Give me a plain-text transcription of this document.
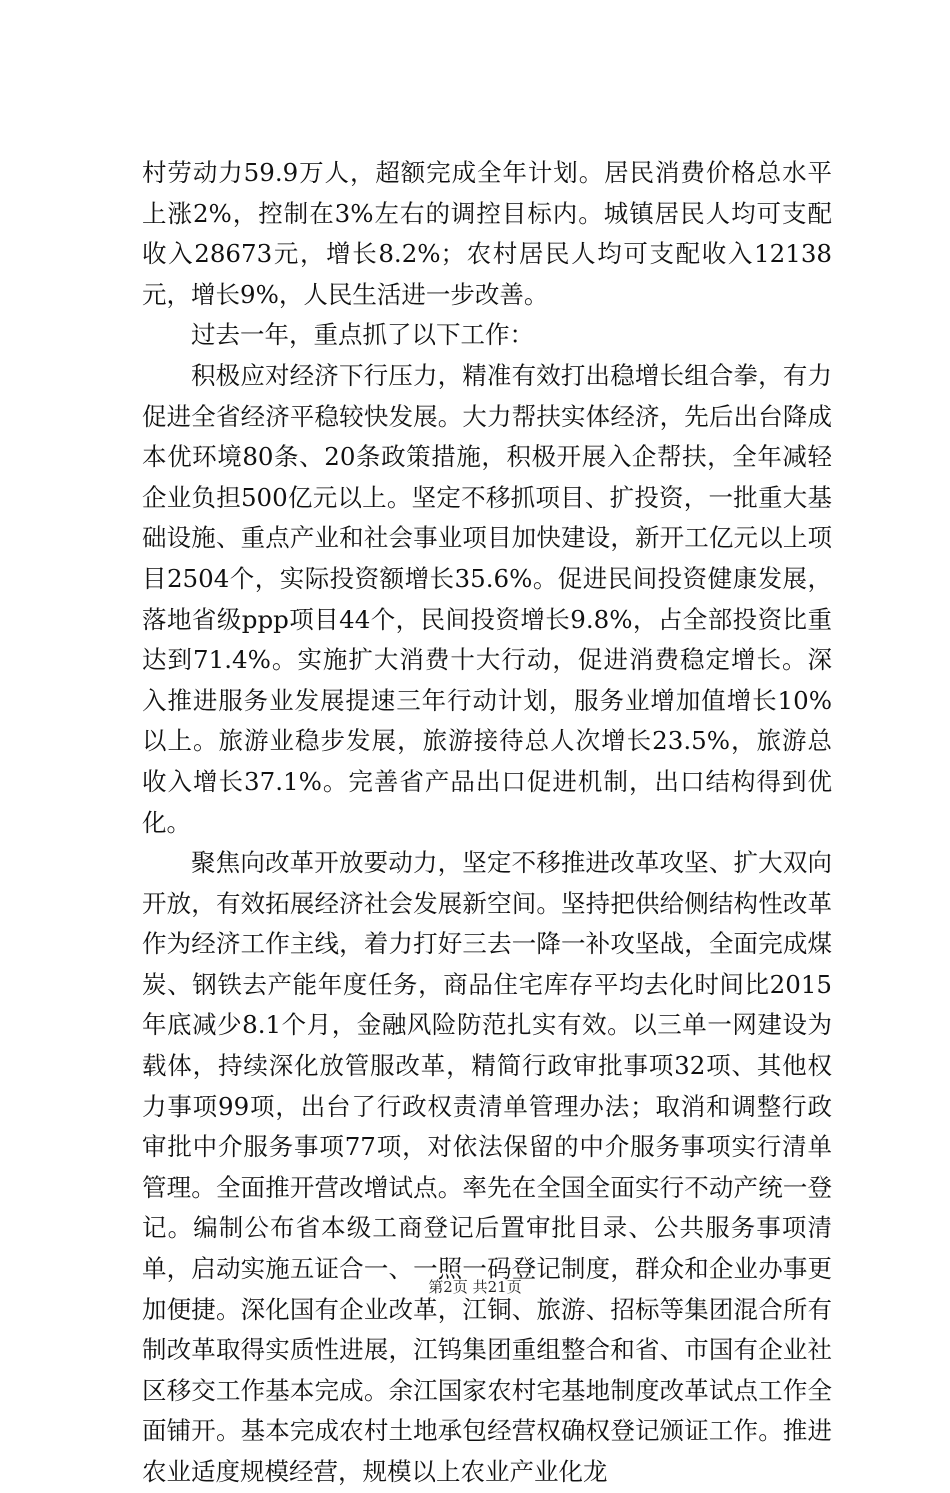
村劳动力59.9万人，超额完成全年计划。居民消费价格总水平上涨2%，控制在3%左右的调控目标内。城镇居民人均可支配收入28673元，增长8.2%；农村居民人均可支配收入12138元，增长9%，人民生活进一步改善。

过去一年，重点抓了以下工作：

积极应对经济下行压力，精准有效打出稳增长组合拳，有力促进全省经济平稳较快发展。大力帮扶实体经济，先后出台降成本优环境80条、20条政策措施，积极开展入企帮扶，全年减轻企业负担500亿元以上。坚定不移抓项目、扩投资，一批重大基础设施、重点产业和社会事业项目加快建设，新开工亿元以上项目2504个，实际投资额增长35.6%。促进民间投资健康发展，落地省级ppp项目44个，民间投资增长9.8%，占全部投资比重达到71.4%。实施扩大消费十大行动，促进消费稳定增长。深入推进服务业发展提速三年行动计划，服务业增加值增长10%以上。旅游业稳步发展，旅游接待总人次增长23.5%，旅游总收入增长37.1%。完善省产品出口促进机制，出口结构得到优化。

聚焦向改革开放要动力，坚定不移推进改革攻坚、扩大双向开放，有效拓展经济社会发展新空间。坚持把供给侧结构性改革作为经济工作主线，着力打好三去一降一补攻坚战，全面完成煤炭、钢铁去产能年度任务，商品住宅库存平均去化时间比2015年底减少8.1个月，金融风险防范扎实有效。以三单一网建设为载体，持续深化放管服改革，精简行政审批事项32项、其他权力事项99项，出台了行政权责清单管理办法；取消和调整行政审批中介服务事项77项，对依法保留的中介服务事项实行清单管理。全面推开营改增试点。率先在全国全面实行不动产统一登记。编制公布省本级工商登记后置审批目录、公共服务事项清单，启动实施五证合一、一照一码登记制度，群众和企业办事更加便捷。深化国有企业改革，江铜、旅游、招标等集团混合所有制改革取得实质性进展，江钨集团重组整合和省、市国有企业社区移交工作基本完成。余江国家农村宅基地制度改革试点工作全面铺开。基本完成农村土地承包经营权确权登记颁证工作。推进农业适度规模经营，规模以上农业产业化龙

第2页 共21页
